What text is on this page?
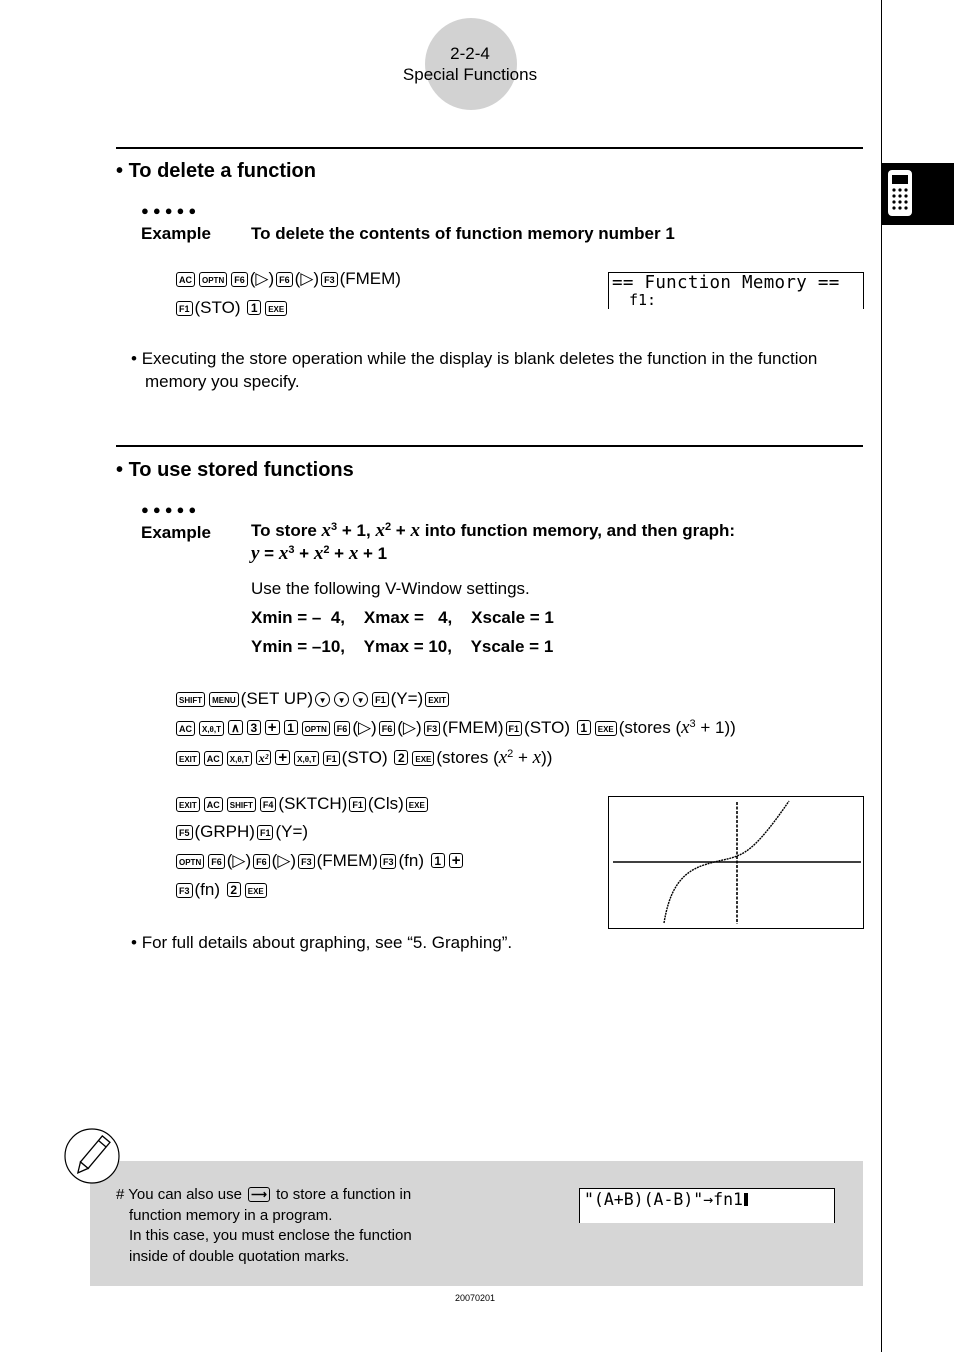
2-2-4
Special Functions
• To delete a function
●●●●●
Example To delete the contents of function memory number 1
AC OPTN F6 (▷) F6 (▷) F3 (FMEM)
F1 (STO) 1 EXE
== Function Memory ==
f1:
• Executing the store operation while the display is blank deletes the function in the function memory you specify.
• To use stored functions
●●●●●
Example To store $x^3 + 1$, $x^2 + x$ into function memory, and then graph:
$y = x^3 + x^2 + x + 1$
Use the following V-Window settings.
Xmin = –  4,    Xmax =   4,    Xscale = 1
Ymin = –10,    Ymax = 10,    Yscale = 1
SHIFT MENU (SET UP) ▼ ▼ ▼ F1 (Y=) EXIT
AC X,θ,T ∧ 3 + 1 OPTN F6 (▷) F6 (▷) F3 (FMEM) F1 (STO) 1 EXE (stores $(x^3 + 1)$)
EXIT AC X,θ,T x² + X,θ,T F1 (STO) 2 EXE (stores $(x^2 + x)$)
EXIT AC SHIFT F4 (SKTCH) F1 (Cls) EXE
F5 (GRPH) F1 (Y=)
OPTN F6 (▷) F6 (▷) F3 (FMEM) F3 (fn) 1 +
F3 (fn) 2 EXE
• For full details about graphing, see “5. Graphing”.
# You can also use ⟶ to store a function in
function memory in a program.
In this case, you must enclose the function
inside of double quotation marks.
"(A+B)(A-B)"→fn1
20070201
